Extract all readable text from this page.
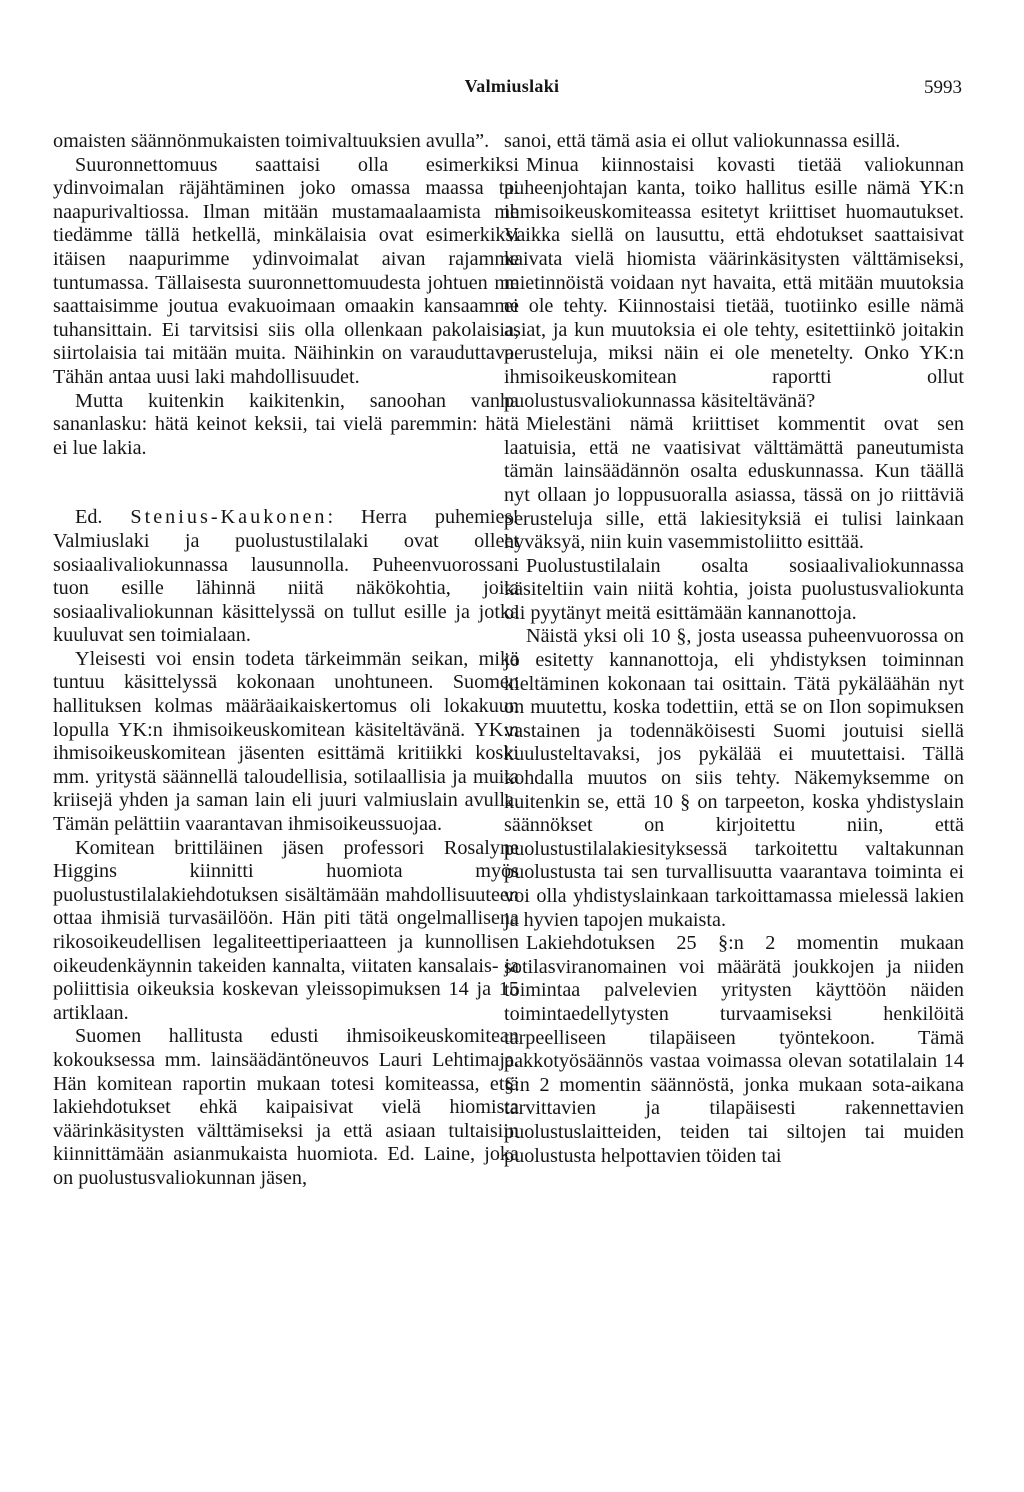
Valmiuslaki	5993

omaisten säännönmukaisten toimivaltuuksien avulla”.

Suuronnettomuus saattaisi olla esimerkiksi ydinvoimalan räjähtäminen joko omassa maassa tai naapurivaltiossa. Ilman mitään mustamaalaamista me tiedämme tällä hetkellä, minkälaisia ovat esimerkiksi itäisen naapurimme ydinvoimalat aivan rajamme tuntumassa. Tällaisesta suuronnettomuudesta johtuen me saattaisimme joutua evakuoimaan omaakin kansaamme tuhansittain. Ei tarvitsisi siis olla ollenkaan pakolaisia, siirtolaisia tai mitään muita. Näihinkin on varauduttava. Tähän antaa uusi laki mahdollisuudet.

Mutta kuitenkin kaikitenkin, sanoohan vanha sananlasku: hätä keinot keksii, tai vielä paremmin: hätä ei lue lakia.

Ed. Stenius-Kaukonen: Herra puhemies! Valmiuslaki ja puolustustilalaki ovat olleet sosiaalivaliokunnassa lausunnolla. Puheenvuorossani tuon esille lähinnä niitä näkökohtia, joita sosiaalivaliokunnan käsittelyssä on tullut esille ja jotka kuuluvat sen toimialaan.

Yleisesti voi ensin todeta tärkeimmän seikan, mikä tuntuu käsittelyssä kokonaan unohtuneen. Suomen hallituksen kolmas määräaikaiskertomus oli lokakuun lopulla YK:n ihmisoikeuskomitean käsiteltävänä. YK:n ihmisoikeuskomitean jäsenten esittämä kritiikki koski mm. yritystä säännellä taloudellisia, sotilaallisia ja muita kriisejä yhden ja saman lain eli juuri valmiuslain avulla. Tämän pelättiin vaarantavan ihmisoikeussuojaa.

Komitean brittiläinen jäsen professori Rosalyne Higgins kiinnitti huomiota myös puolustustilalakiehdotuksen sisältämään mahdollisuuteen ottaa ihmisiä turvasäilöön. Hän piti tätä ongelmallisena rikosoikeudellisen legaliteettiperiaatteen ja kunnollisen oikeudenkäynnin takeiden kannalta, viitaten kansalais- ja poliittisia oikeuksia koskevan yleissopimuksen 14 ja 15 artiklaan.

Suomen hallitusta edusti ihmisoikeuskomitean kokouksessa mm. lainsäädäntöneuvos Lauri Lehtimaja. Hän komitean raportin mukaan totesi komiteassa, että lakiehdotukset ehkä kaipaisivat vielä hiomista väärinkäsitysten välttämiseksi ja että asiaan tultaisiin kiinnittämään asianmukaista huomiota. Ed. Laine, joka on puolustusvaliokunnan jäsen,

sanoi, että tämä asia ei ollut valiokunnassa esillä.

Minua kiinnostaisi kovasti tietää valiokunnan puheenjohtajan kanta, toiko hallitus esille nämä YK:n ihmisoikeuskomiteassa esitetyt kriittiset huomautukset. Vaikka siellä on lausuttu, että ehdotukset saattaisivat kaivata vielä hiomista väärinkäsitysten välttämiseksi, mietinnöistä voidaan nyt havaita, että mitään muutoksia ei ole tehty. Kiinnostaisi tietää, tuotiinko esille nämä asiat, ja kun muutoksia ei ole tehty, esitettiinkö joitakin perusteluja, miksi näin ei ole menetelty. Onko YK:n ihmisoikeuskomitean raportti ollut puolustusvaliokunnassa käsiteltävänä?

Mielestäni nämä kriittiset kommentit ovat sen laatuisia, että ne vaatisivat välttämättä paneutumista tämän lainsäädännön osalta eduskunnassa. Kun täällä nyt ollaan jo loppusuoralla asiassa, tässä on jo riittäviä perusteluja sille, että lakiesityksiä ei tulisi lainkaan hyväksyä, niin kuin vasemmistoliitto esittää.

Puolustustilalain osalta sosiaalivaliokunnassa käsiteltiin vain niitä kohtia, joista puolustusvaliokunta oli pyytänyt meitä esittämään kannanottoja.

Näistä yksi oli 10 §, josta useassa puheenvuorossa on jo esitetty kannanottoja, eli yhdistyksen toiminnan kieltäminen kokonaan tai osittain. Tätä pykäläähän nyt on muutettu, koska todettiin, että se on Ilon sopimuksen vastainen ja todennäköisesti Suomi joutuisi siellä kuulusteltavaksi, jos pykälää ei muutettaisi. Tällä kohdalla muutos on siis tehty. Näkemyksemme on kuitenkin se, että 10 § on tarpeeton, koska yhdistyslain säännökset on kirjoitettu niin, että puolustustilalakiesityksessä tarkoitettu valtakunnan puolustusta tai sen turvallisuutta vaarantava toiminta ei voi olla yhdistyslainkaan tarkoittamassa mielessä lakien ja hyvien tapojen mukaista.

Lakiehdotuksen 25 §:n 2 momentin mukaan sotilasviranomainen voi määrätä joukkojen ja niiden toimintaa palvelevien yritysten käyttöön näiden toimintaedellytysten turvaamiseksi henkilöitä tarpeelliseen tilapäiseen työntekoon. Tämä pakkotyösäännös vastaa voimassa olevan sotatilalain 14 §:n 2 momentin säännöstä, jonka mukaan sota-aikana tarvittavien ja tilapäisesti rakennettavien puolustuslaitteiden, teiden tai siltojen tai muiden puolustusta helpottavien töiden tai
